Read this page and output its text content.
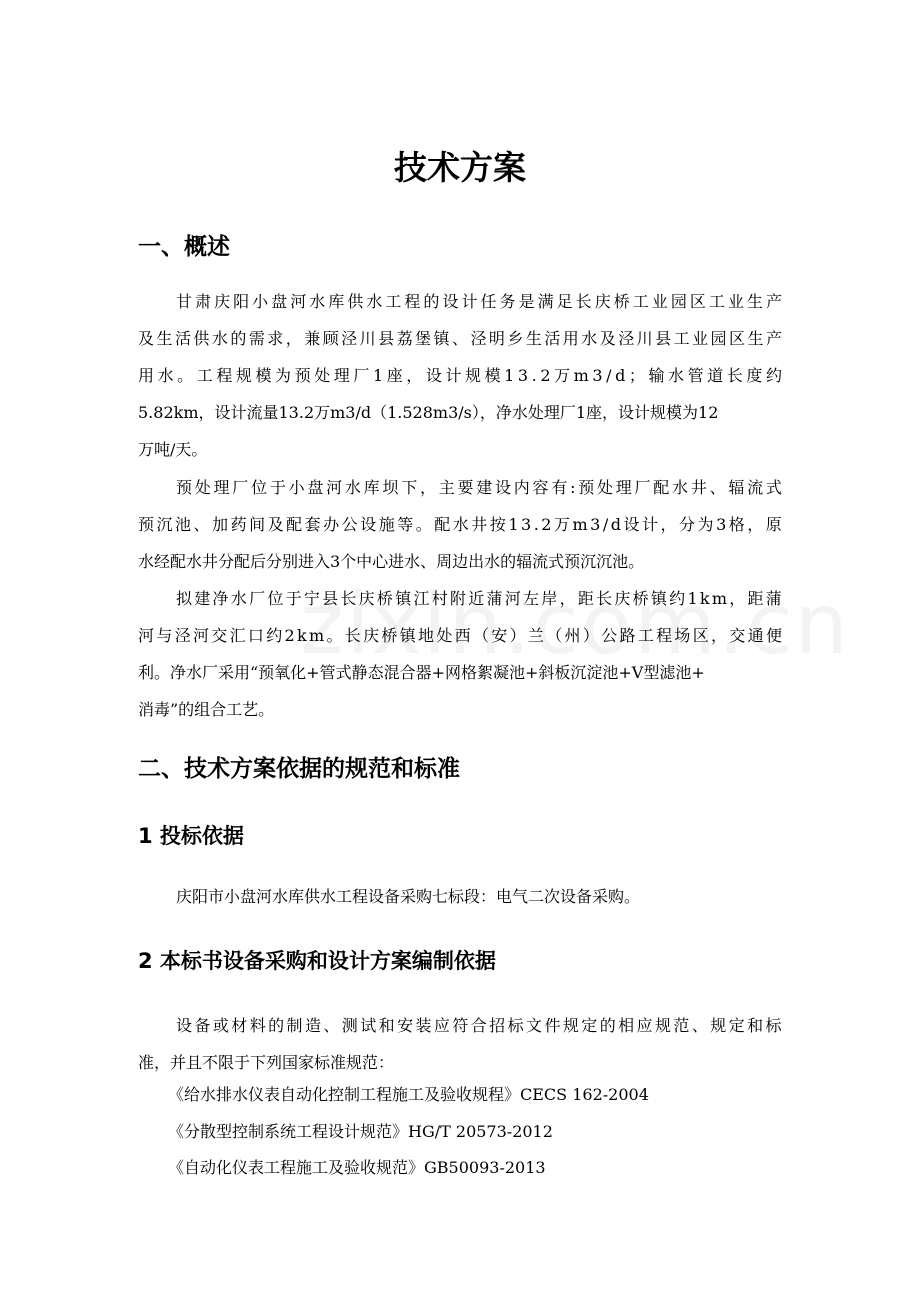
技术方案
一、概述
甘 肃 庆 阳 小 盘 河 水 库 供 水 工 程 的 设 计 任 务 是 满 足 长 庆 桥 工 业 园 区 工 业 生 产
及 生 活 供 水 的 需 求 ， 兼 顾 泾 川 县 荔 堡 镇 、 泾 明 乡 生 活 用 水 及 泾 川 县 工 业 园 区 生 产
用 水 。 工 程 规 模 为 预 处 理 厂 1 座 ， 设 计 规 模 1 3 . 2 万 m 3 / d ； 输 水 管 道 长 度 约
5.82km，设计流量13.2万m3/d（1.528m3/s），净水处理厂1座，设计规模为12
万吨/天。
预 处 理 厂 位 于 小 盘 河 水 库 坝 下 ， 主 要 建 设 内 容 有 : 预 处 理 厂 配 水 井 、 辐 流 式
预 沉 池 、 加 药 间 及 配 套 办 公 设 施 等 。 配 水 井 按 1 3 . 2 万 m 3 / d 设 计 ， 分 为 3 格 ， 原
水经配水井分配后分别进入3个中心进水、周边出水的辐流式预沉沉池。
拟 建 净 水 厂 位 于 宁 县 长 庆 桥 镇 江 村 附 近 蒲 河 左 岸 ， 距 长 庆 桥 镇 约 1 k m ， 距 蒲
河 与 泾 河 交 汇 口 约 2 k m 。 长 庆 桥 镇 地 处 西 （ 安 ） 兰 （ 州 ） 公 路 工 程 场 区 ， 交 通 便
利。净水厂采用“预氧化+管式静态混合器+网格絮凝池+斜板沉淀池+V型滤池+
消毒”的组合工艺。
二、技术方案依据的规范和标准
1 投标依据
庆阳市小盘河水库供水工程设备采购七标段：电气二次设备采购。
2 本标书设备采购和设计方案编制依据
设 备 或 材 料 的 制 造 、 测 试 和 安 装 应 符 合 招 标 文 件 规 定 的 相 应 规 范 、 规 定 和 标
准，并且不限于下列国家标准规范：
《给水排水仪表自动化控制工程施工及验收规程》CECS 162-2004
《分散型控制系统工程设计规范》HG/T 20573-2012
《自动化仪表工程施工及验收规范》GB50093-2013
